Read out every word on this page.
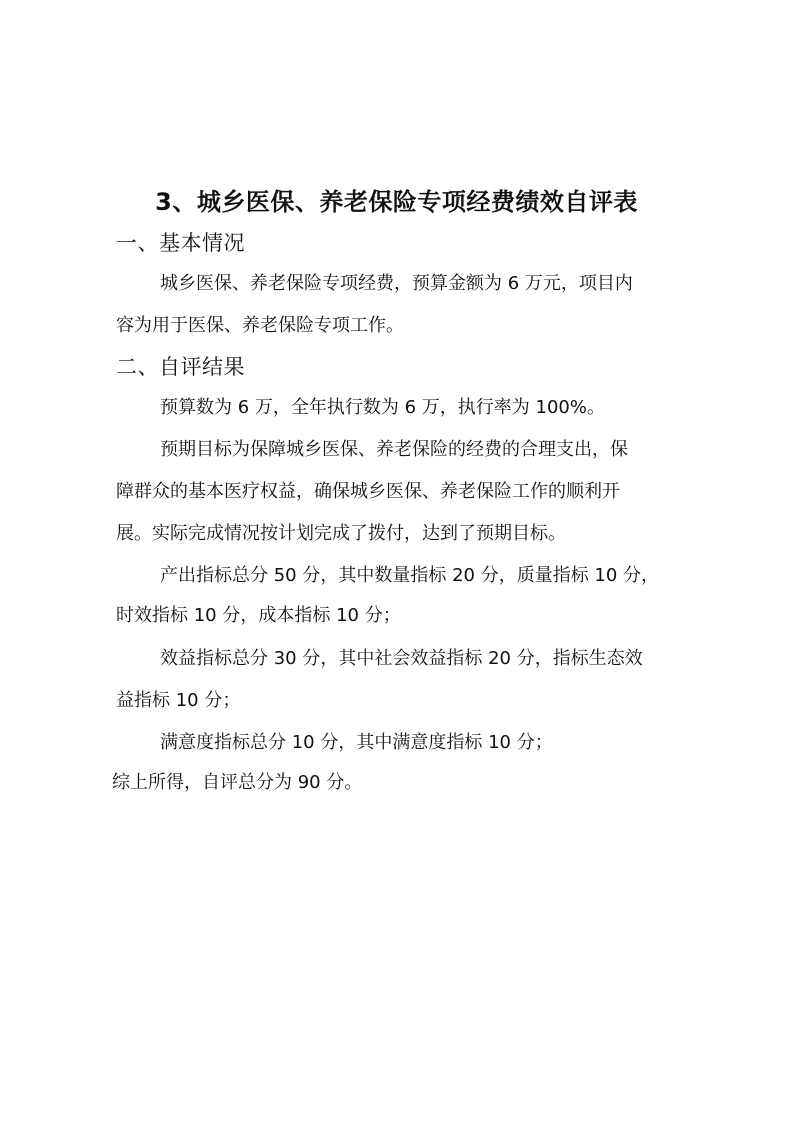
3、城乡医保、养老保险专项经费绩效自评表
一、基本情况
城乡医保、养老保险专项经费，预算金额为 6 万元，项目内
容为用于医保、养老保险专项工作。
二、自评结果
预算数为 6 万，全年执行数为 6 万，执行率为 100%。
预期目标为保障城乡医保、养老保险的经费的合理支出，保
障群众的基本医疗权益，确保城乡医保、养老保险工作的顺利开
展。实际完成情况按计划完成了拨付，达到了预期目标。
产出指标总分 50 分，其中数量指标 20 分，质量指标 10 分，
时效指标 10 分，成本指标 10 分；
效益指标总分 30 分，其中社会效益指标 20 分，指标生态效
益指标 10 分；
满意度指标总分 10 分，其中满意度指标 10 分；
综上所得，自评总分为 90 分。
